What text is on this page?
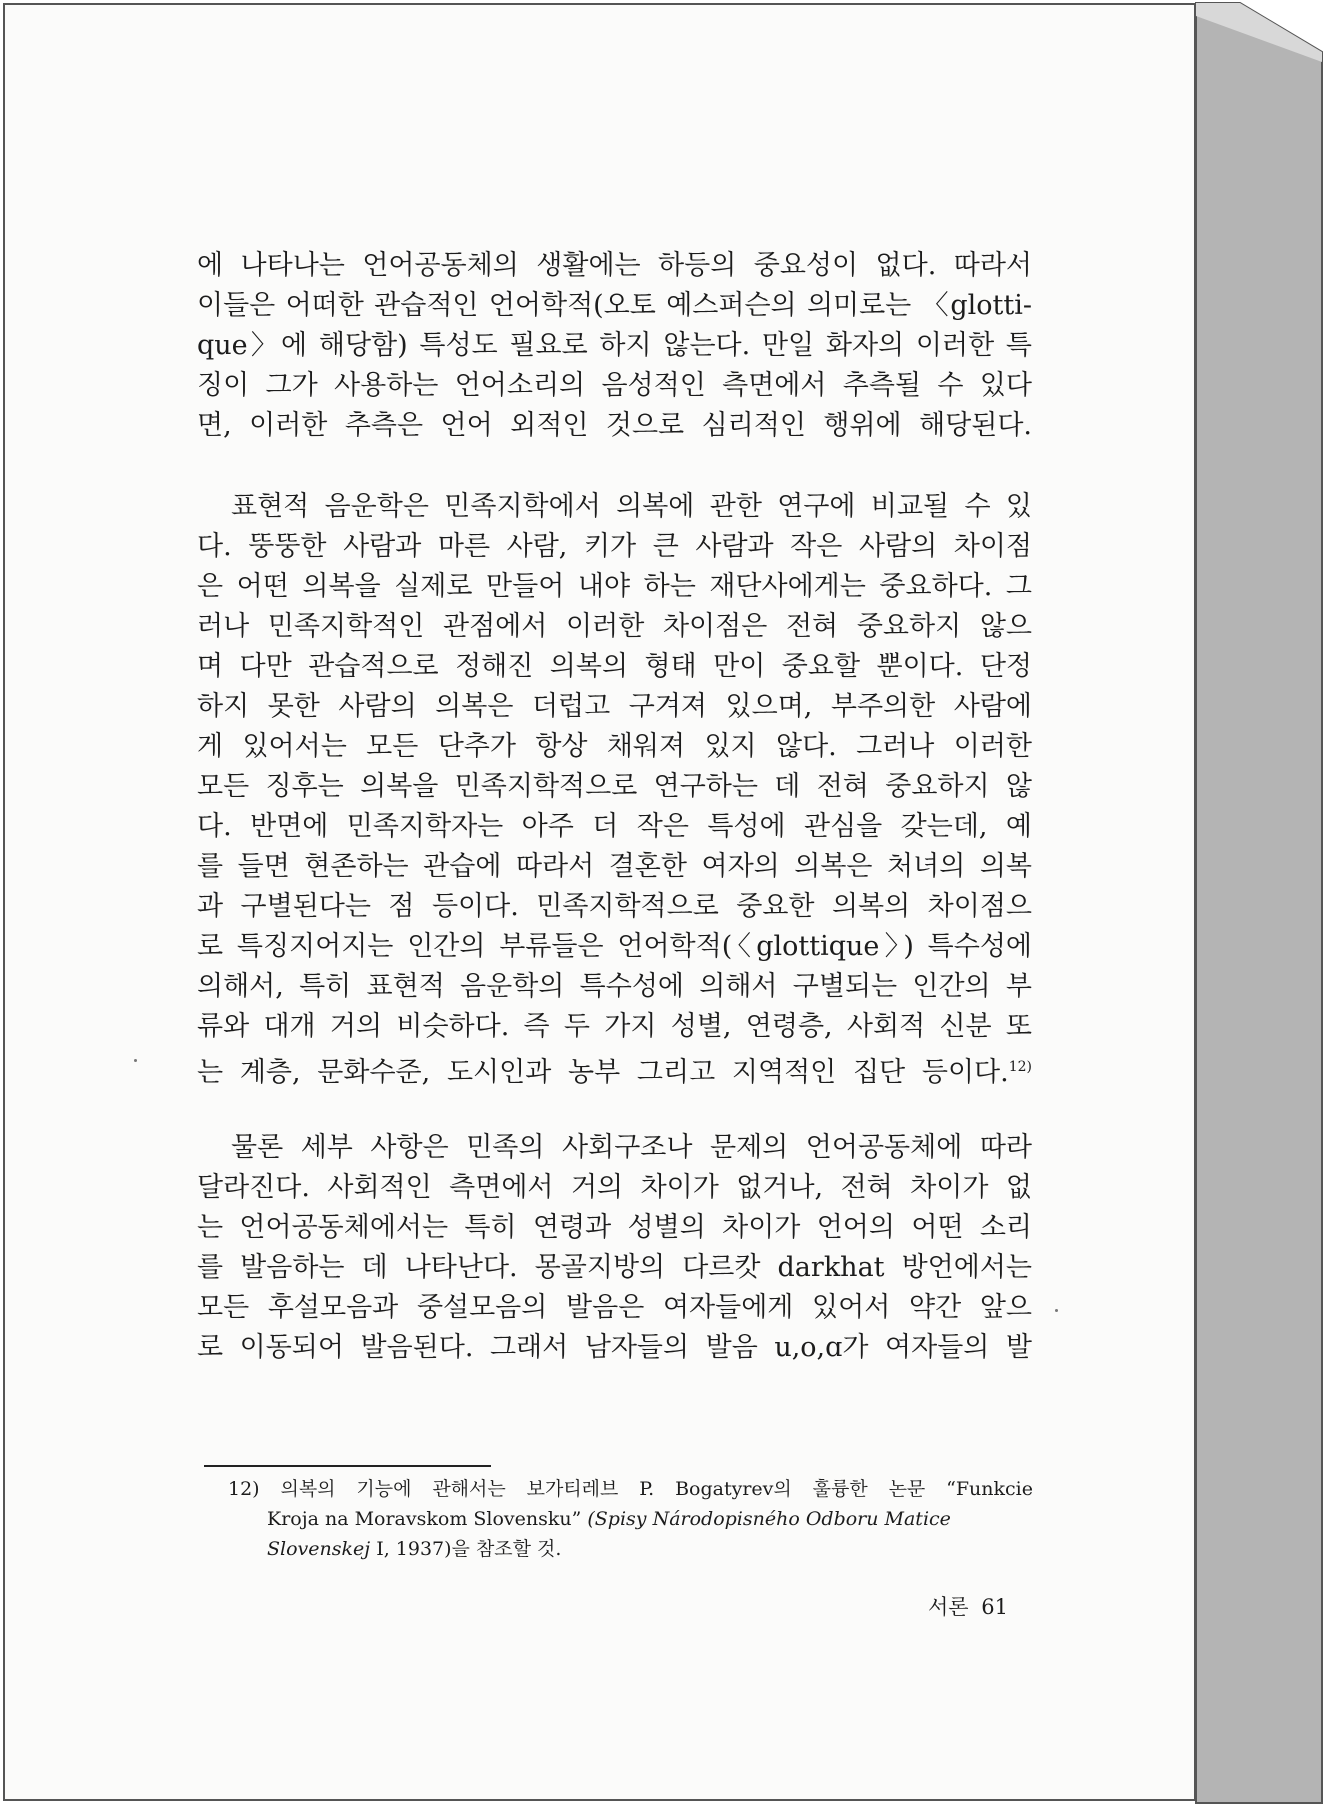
에 나타나는 언어공동체의 생활에는 하등의 중요성이 없다. 따라서

이들은 어떠한 관습적인 언어학적(오토 예스퍼슨의 의미로는 〈glotti-

que〉에 해당함) 특성도 필요로 하지 않는다. 만일 화자의 이러한 특

징이 그가 사용하는 언어소리의 음성적인 측면에서 추측될 수 있다

면, 이러한 추측은 언어 외적인 것으로 심리적인 행위에 해당된다.

표현적 음운학은 민족지학에서 의복에 관한 연구에 비교될 수 있

다. 뚱뚱한 사람과 마른 사람, 키가 큰 사람과 작은 사람의 차이점

은 어떤 의복을 실제로 만들어 내야 하는 재단사에게는 중요하다. 그

러나 민족지학적인 관점에서 이러한 차이점은 전혀 중요하지 않으

며 다만 관습적으로 정해진 의복의 형태 만이 중요할 뿐이다. 단정

하지 못한 사람의 의복은 더럽고 구겨져 있으며, 부주의한 사람에

게 있어서는 모든 단추가 항상 채워져 있지 않다. 그러나 이러한

모든 징후는 의복을 민족지학적으로 연구하는 데 전혀 중요하지 않

다. 반면에 민족지학자는 아주 더 작은 특성에 관심을 갖는데, 예

를 들면 현존하는 관습에 따라서 결혼한 여자의 의복은 처녀의 의복

과 구별된다는 점 등이다. 민족지학적으로 중요한 의복의 차이점으

로 특징지어지는 인간의 부류들은 언어학적(〈glottique〉) 특수성에

의해서, 특히 표현적 음운학의 특수성에 의해서 구별되는 인간의 부

류와 대개 거의 비슷하다. 즉 두 가지 성별, 연령층, 사회적 신분 또

는 계층, 문화수준, 도시인과 농부 그리고 지역적인 집단 등이다.$^{12)}$

물론 세부 사항은 민족의 사회구조나 문제의 언어공동체에 따라

달라진다. 사회적인 측면에서 거의 차이가 없거나, 전혀 차이가 없

는 언어공동체에서는 특히 연령과 성별의 차이가 언어의 어떤 소리

를 발음하는 데 나타난다. 몽골지방의 다르캇 darkhat 방언에서는

모든 후설모음과 중설모음의 발음은 여자들에게 있어서 약간 앞으

로 이동되어 발음된다. 그래서 남자들의 발음 u,o,ɑ가 여자들의 발

12) 의복의 기능에 관해서는 보가티레브 P. Bogatyrev의 훌륭한 논문 “Funkcie

Kroja na Moravskom Slovensku” (Spisy Národopisného Odboru Matice

Slovenskej Ⅰ, 1937)을 참조할 것.

서론 61
